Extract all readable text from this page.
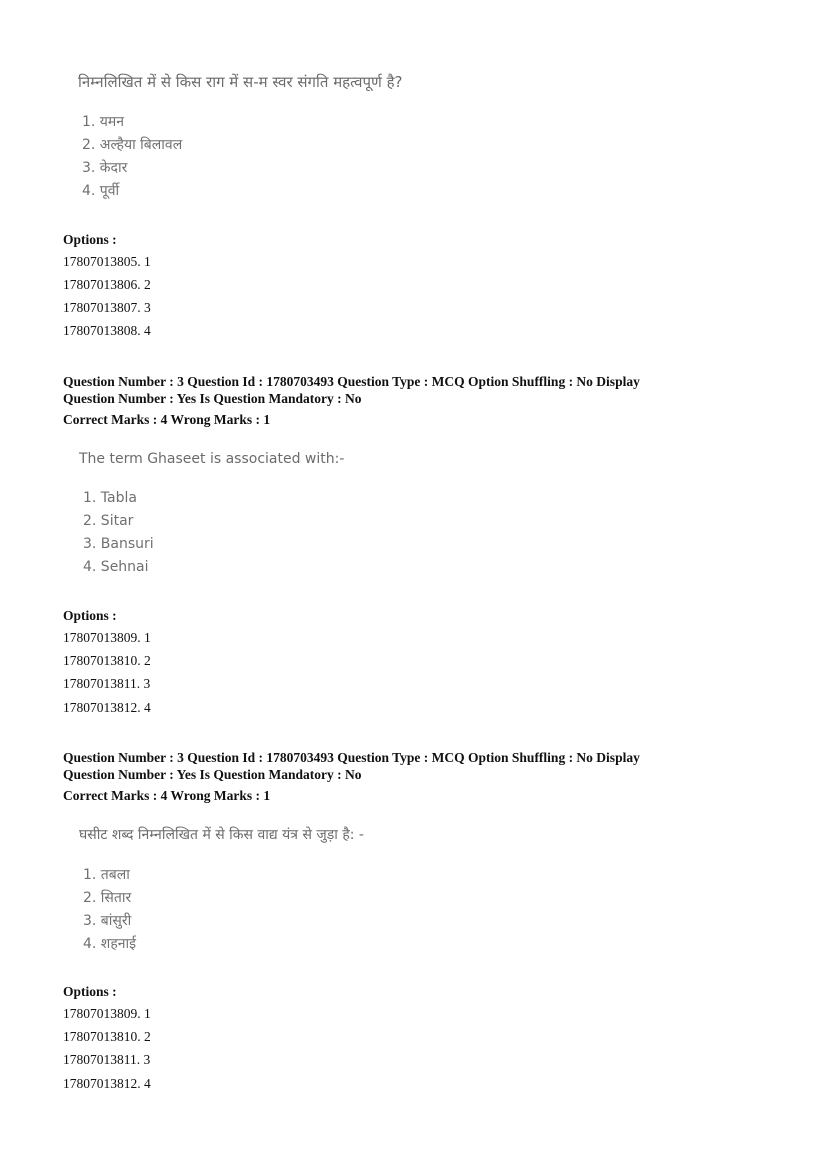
निम्नलिखित में से किस राग में स-म स्वर संगति महत्वपूर्ण है?
1. यमन
2. अल्हैया बिलावल
3. केदार
4. पूर्वी
Options :
17807013805. 1
17807013806. 2
17807013807. 3
17807013808. 4
Question Number : 3 Question Id : 1780703493 Question Type : MCQ Option Shuffling : No Display
Question Number : Yes Is Question Mandatory : No
Correct Marks : 4 Wrong Marks : 1
The term Ghaseet is associated with:-
1. Tabla
2. Sitar
3. Bansuri
4. Sehnai
Options :
17807013809. 1
17807013810. 2
17807013811. 3
17807013812. 4
Question Number : 3 Question Id : 1780703493 Question Type : MCQ Option Shuffling : No Display
Question Number : Yes Is Question Mandatory : No
Correct Marks : 4 Wrong Marks : 1
घसीट शब्द निम्नलिखित में से किस वाद्य यंत्र से जुड़ा है: -
1. तबला
2. सितार
3. बांसुरी
4. शहनाई
Options :
17807013809. 1
17807013810. 2
17807013811. 3
17807013812. 4
